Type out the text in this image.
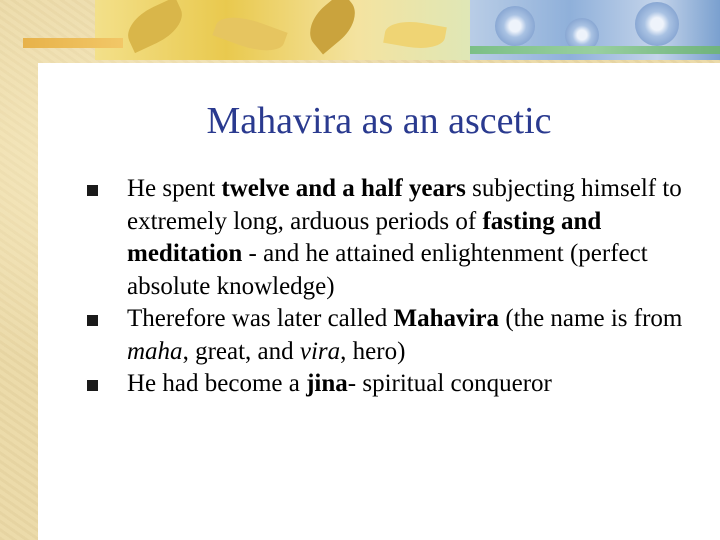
Mahavira as an ascetic
He spent twelve and a half years subjecting himself to extremely long, arduous periods of fasting and meditation - and he attained enlightenment (perfect absolute knowledge)
Therefore was later called Mahavira (the name is from maha, great, and vira, hero)
He had become a jina- spiritual conqueror
